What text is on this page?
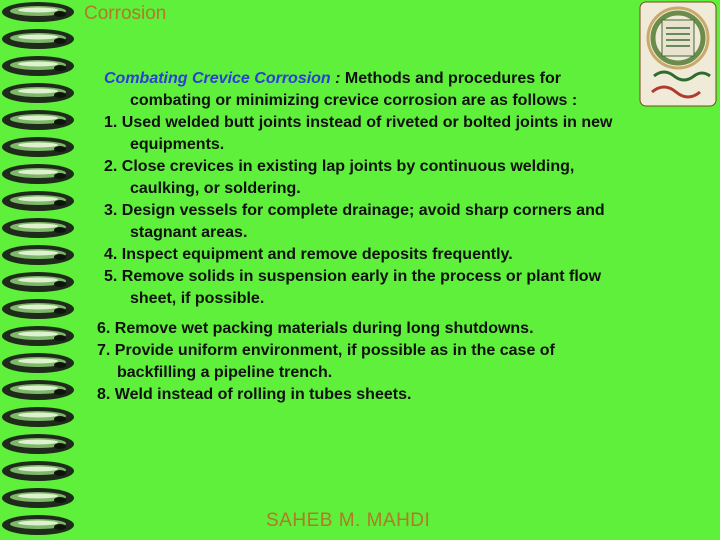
Corrosion
Combating Crevice Corrosion : Methods and procedures for
combating or minimizing crevice corrosion are as follows :
1. Used welded butt joints instead of riveted or bolted joints in new
equipments.
2. Close crevices in existing lap joints by continuous welding,
caulking, or soldering.
3. Design vessels for complete drainage; avoid sharp corners and
stagnant areas.
4. Inspect equipment and remove deposits frequently.
5. Remove solids in suspension early in the process or plant flow
sheet, if possible.
6. Remove wet packing materials during long shutdowns.
7. Provide uniform environment, if possible as in the case of
backfilling a pipeline trench.
8. Weld instead of rolling in tubes sheets.
SAHEB M. MAHDI
